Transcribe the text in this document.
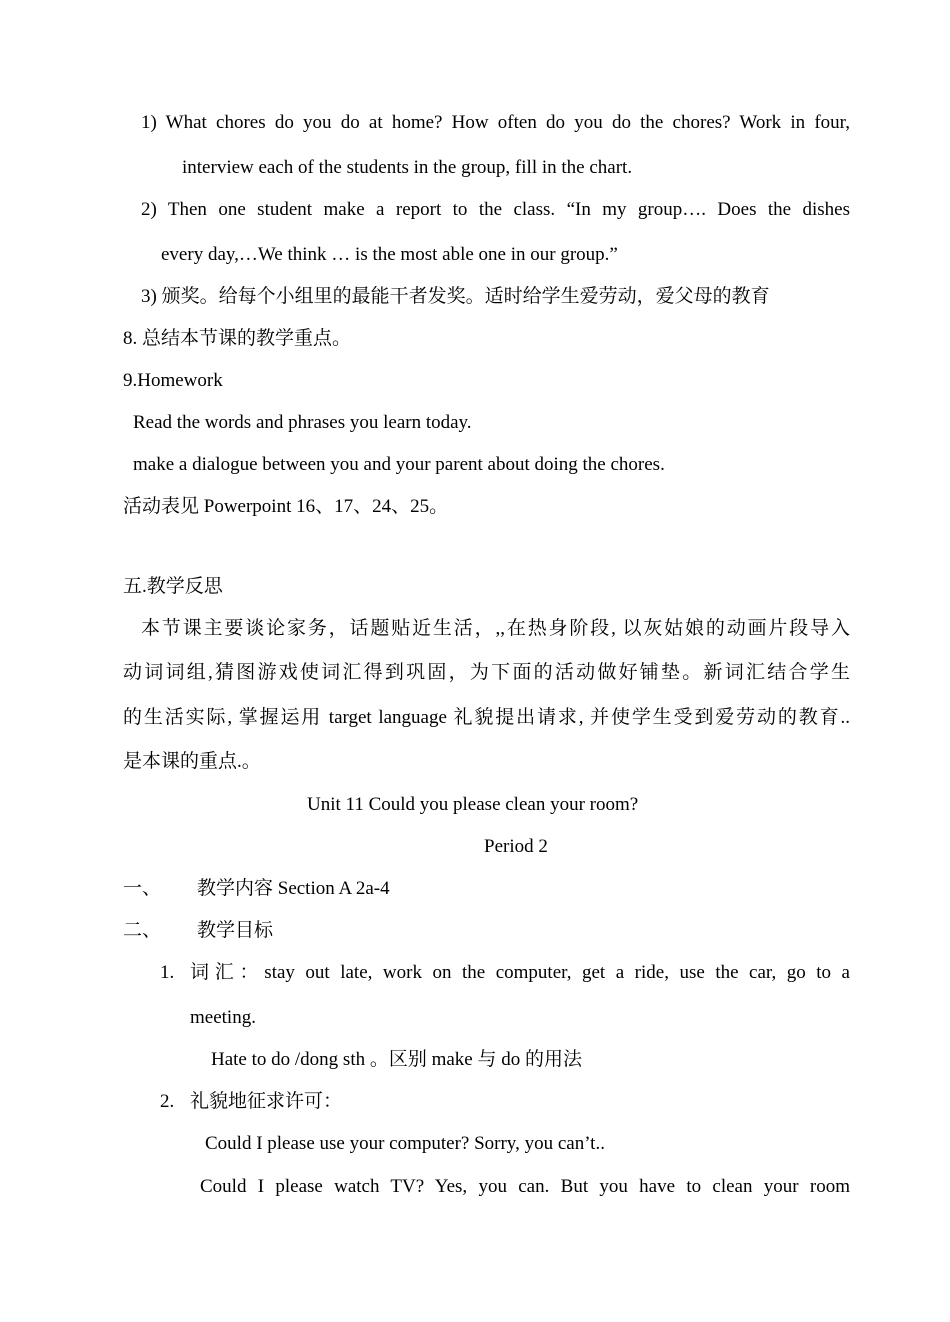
1) What chores do you do at home? How often do you do the chores? Work in four,
interview each of the students in the group, fill in the chart.
2) Then one student make a report to the class. “In my group…. Does the dishes
every day,…We think … is the most able one in our group.”
3) 颁奖。给每个小组里的最能干者发奖。适时给学生爱劳动，爱父母的教育
8. 总结本节课的教学重点。
9.Homework
Read the words and phrases you learn today.
make a dialogue between you and your parent about doing the chores.
活动表见 Powerpoint 16、17、24、25。
五.教学反思
本节课主要谈论家务，话题贴近生活，,,在热身阶段, 以灰姑娘的动画片段导入
动词词组,猜图游戏使词汇得到巩固，为下面的活动做好铺垫。新词汇结合学生
的生活实际, 掌握运用 target language 礼貌提出请求, 并使学生受到爱劳动的教育..
是本课的重点.。
Unit 11 Could you please clean your room?
Period 2
一、 教学内容 Section A 2a-4
二、 教学目标
1. 词汇：stay out late, work on the computer, get a ride, use the car, go to a
meeting.
Hate to do /dong sth 。区别 make 与 do 的用法
2. 礼貌地征求许可：
Could I please use your computer? Sorry, you can’t..
Could I please watch TV? Yes, you can. But you have to clean your room
